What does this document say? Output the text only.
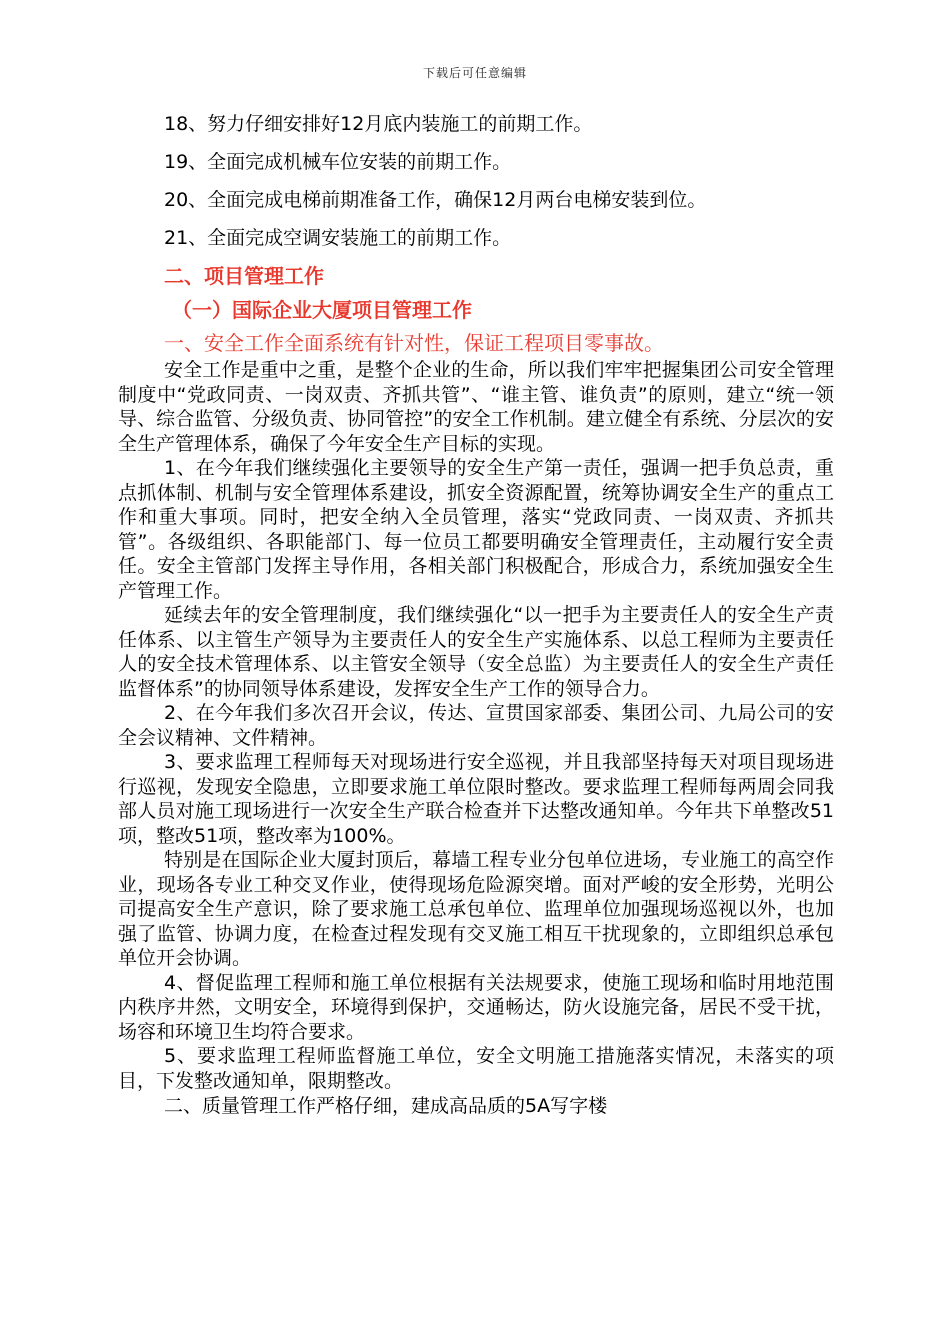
下载后可任意编辑
18、努力仔细安排好12月底内装施工的前期工作。
19、全面完成机械车位安装的前期工作。
20、全面完成电梯前期准备工作，确保12月两台电梯安装到位。
21、全面完成空调安装施工的前期工作。
二、项目管理工作
（一）国际企业大厦项目管理工作
一、安全工作全面系统有针对性，保证工程项目零事故。

安全工作是重中之重，是整个企业的生命，所以我们牢牢把握集团公司安全管理制度中“党政同责、一岗双责、齐抓共管”、“谁主管、谁负责”的原则，建立“统一领导、综合监管、分级负责、协同管控”的安全工作机制。建立健全有系统、分层次的安全生产管理体系，确保了今年安全生产目标的实现。

1、在今年我们继续强化主要领导的安全生产第一责任，强调一把手负总责，重点抓体制、机制与安全管理体系建设，抓安全资源配置，统筹协调安全生产的重点工作和重大事项。同时，把安全纳入全员管理，落实“党政同责、一岗双责、齐抓共管”。各级组织、各职能部门、每一位员工都要明确安全管理责任，主动履行安全责任。安全主管部门发挥主导作用，各相关部门积极配合，形成合力，系统加强安全生产管理工作。

延续去年的安全管理制度，我们继续强化“以一把手为主要责任人的安全生产责任体系、以主管生产领导为主要责任人的安全生产实施体系、以总工程师为主要责任人的安全技术管理体系、以主管安全领导（安全总监）为主要责任人的安全生产责任监督体系”的协同领导体系建设，发挥安全生产工作的领导合力。

2、在今年我们多次召开会议，传达、宣贯国家部委、集团公司、九局公司的安全会议精神、文件精神。

3、要求监理工程师每天对现场进行安全巡视，并且我部坚持每天对项目现场进行巡视，发现安全隐患，立即要求施工单位限时整改。要求监理工程师每两周会同我部人员对施工现场进行一次安全生产联合检查并下达整改通知单。今年共下单整改51项，整改51项，整改率为100%。

特别是在国际企业大厦封顶后，幕墙工程专业分包单位进场，专业施工的高空作业，现场各专业工种交叉作业，使得现场危险源突增。面对严峻的安全形势，光明公司提高安全生产意识，除了要求施工总承包单位、监理单位加强现场巡视以外，也加强了监管、协调力度，在检查过程发现有交叉施工相互干扰现象的，立即组织总承包单位开会协调。

4、督促监理工程师和施工单位根据有关法规要求，使施工现场和临时用地范围内秩序井然，文明安全，环境得到保护，交通畅达，防火设施完备，居民不受干扰，场容和环境卫生均符合要求。

5、要求监理工程师监督施工单位，安全文明施工措施落实情况，未落实的项目，下发整改通知单，限期整改。

二、质量管理工作严格仔细，建成高品质的5A写字楼
